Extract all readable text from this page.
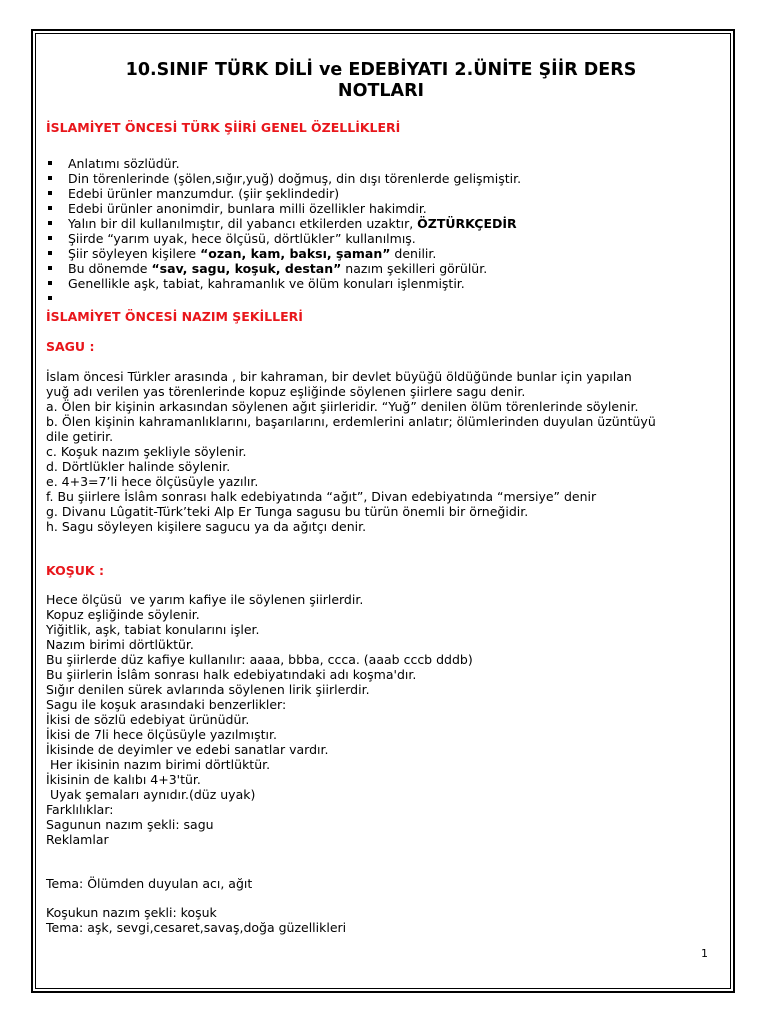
10.SINIF TÜRK DİLİ ve EDEBİYATI 2.ÜNİTE ŞİİR DERS
NOTLARI
İSLAMİYET ÖNCESİ TÜRK ŞİİRİ GENEL ÖZELLİKLERİ
Anlatımı sözlüdür.
Din törenlerinde (şölen,sığır,yuğ) doğmuş, din dışı törenlerde gelişmiştir.
Edebi ürünler manzumdur. (şiir şeklindedir)
Edebi ürünler anonimdir, bunlara milli özellikler hakimdir.
Yalın bir dil kullanılmıştır, dil yabancı etkilerden uzaktır, ÖZTÜRKÇEDİR
Şiirde “yarım uyak, hece ölçüsü, dörtlükler” kullanılmış.
Şiir söyleyen kişilere “ozan, kam, baksı, şaman” denilir.
Bu dönemde “sav, sagu, koşuk, destan” nazım şekilleri görülür.
Genellikle aşk, tabiat, kahramanlık ve ölüm konuları işlenmiştir.

İSLAMİYET ÖNCESİ NAZIM ŞEKİLLERİ
SAGU :
İslam öncesi Türkler arasında , bir kahraman, bir devlet büyüğü öldüğünde bunlar için yapılan
yuğ adı verilen yas törenlerinde kopuz eşliğinde söylenen şiirlere sagu denir.
a. Ölen bir kişinin arkasından söylenen ağıt şiirleridir. “Yuğ” denilen ölüm törenlerinde söylenir.
b. Ölen kişinin kahramanlıklarını, başarılarını, erdemlerini anlatır; ölümlerinden duyulan üzüntüyü
dile getirir.
c. Koşuk nazım şekliyle söylenir.
d. Dörtlükler halinde söylenir.
e. 4+3=7’li hece ölçüsüyle yazılır.
f. Bu şiirlere İslâm sonrası halk edebiyatında “ağıt”, Divan edebiyatında “mersiye” denir
g. Divanu Lûgatit-Türk’teki Alp Er Tunga sagusu bu türün önemli bir örneğidir.
h. Sagu söyleyen kişilere sagucu ya da ağıtçı denir.
KOŞUK :
Hece ölçüsü  ve yarım kafiye ile söylenen şiirlerdir.
Kopuz eşliğinde söylenir.
Yiğitlik, aşk, tabiat konularını işler.
Nazım birimi dörtlüktür.
Bu şiirlerde düz kafiye kullanılır: aaaa, bbba, ccca. (aaab cccb dddb)
Bu şiirlerin İslâm sonrası halk edebiyatındaki adı koşma'dır.
Sığır denilen sürek avlarında söylenen lirik şiirlerdir.
Sagu ile koşuk arasındaki benzerlikler:
İkisi de sözlü edebiyat ürünüdür.
İkisi de 7li hece ölçüsüyle yazılmıştır.
İkisinde de deyimler ve edebi sanatlar vardır.
Her ikisinin nazım birimi dörtlüktür.
İkisinin de kalıbı 4+3'tür.
Uyak şemaları aynıdır.(düz uyak)
Farklılıklar:
Sagunun nazım şekli: sagu
Reklamlar
Tema: Ölümden duyulan acı, ağıt
Koşukun nazım şekli: koşuk
Tema: aşk, sevgi,cesaret,savaş,doğa güzellikleri
1
